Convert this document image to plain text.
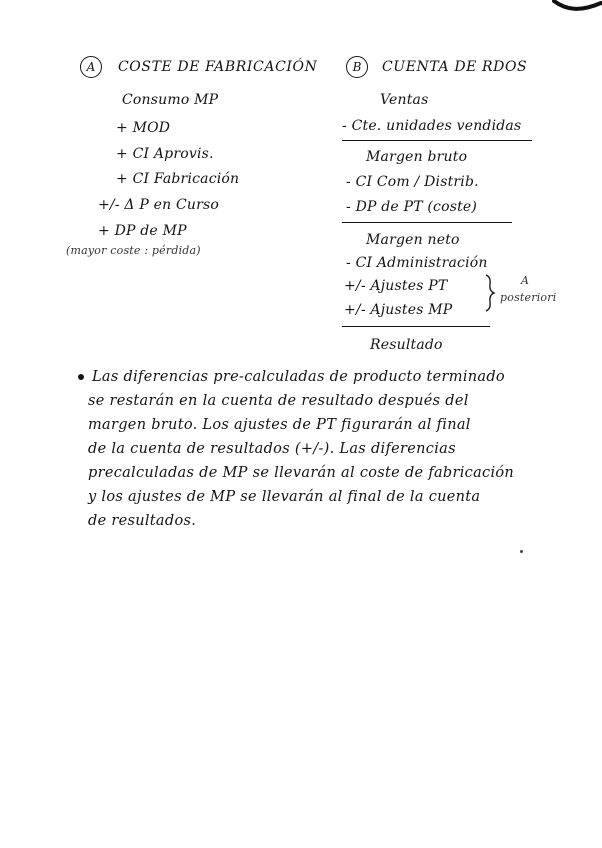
A	COSTE DE FABRICACIÓN
Consumo MP
+ MOD
+ CI Aprovis.
+ CI Fabricación
+/- Δ P en Curso
+ DP de MP
(mayor coste : pérdida)
B	CUENTA DE RDOS
Ventas
- Cte. unidades vendidas
Margen bruto
- CI Com / Distrib.
- DP de PT (coste)
Margen neto
- CI Administración
+/- Ajustes PT
+/- Ajustes MP
Resultado
A
posteriori
Las diferencias pre-calculadas de producto terminado
se restarán en la cuenta de resultado después del
margen bruto. Los ajustes de PT figurarán al final
de la cuenta de resultados (+/-). Las diferencias
precalculadas de MP se llevarán al coste de fabricación
y los ajustes de MP se llevarán al final de la cuenta
de resultados.
